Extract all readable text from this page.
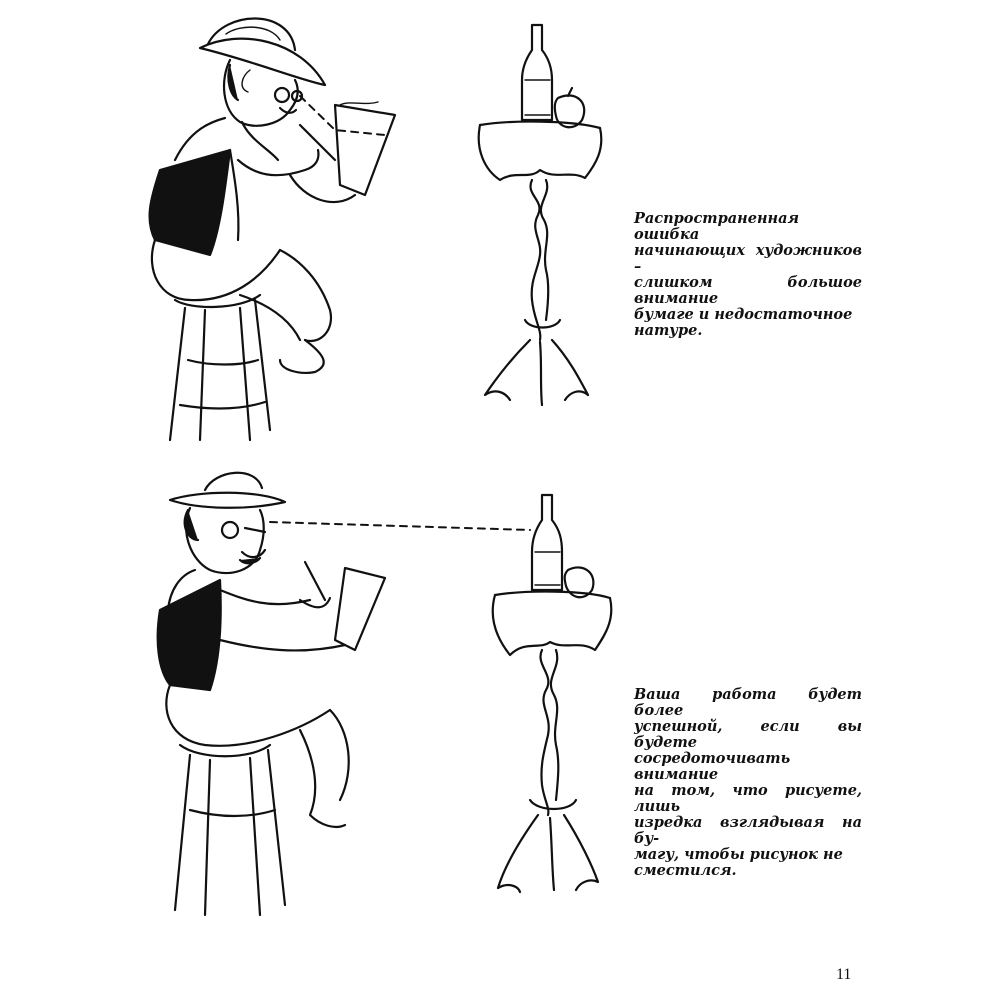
Распространенная ошибка
начинающих художников –
слишком большое внимание
бумаге и недостаточное
натуре.
Ваша работа будет более
успешной, если вы будете
сосредоточивать внимание
на том, что рисуете, лишь
изредка взглядывая на бу-
магу, чтобы рисунок не
сместился.
11
